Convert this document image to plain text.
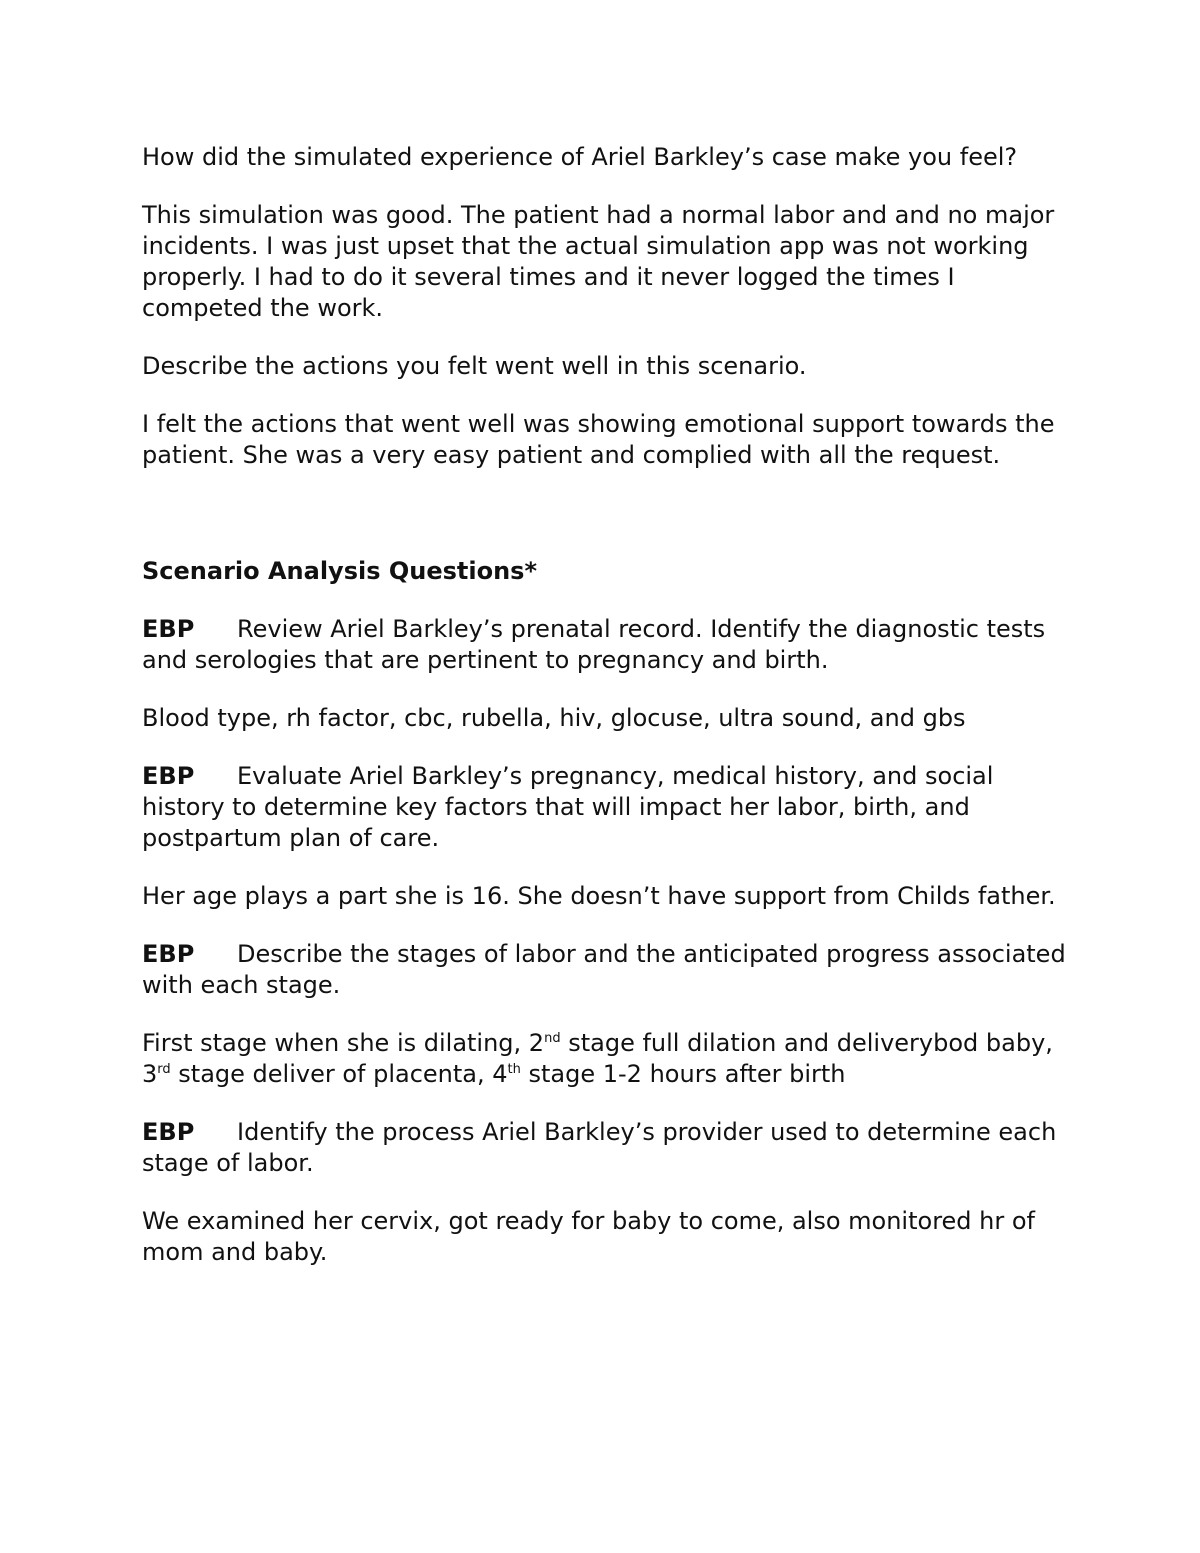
How did the simulated experience of Ariel Barkley’s case make you feel?

This simulation was good. The patient had a normal labor and and no major incidents. I was just upset that the actual simulation app was not working properly. I had to do it several times and it never logged the times I competed the work.

Describe the actions you felt went well in this scenario.

I felt the actions that went well was showing emotional support towards the patient. She was a very easy patient and complied with all the request.

Scenario Analysis Questions*

EBP Review Ariel Barkley’s prenatal record. Identify the diagnostic tests and serologies that are pertinent to pregnancy and birth.

Blood type, rh factor, cbc, rubella, hiv, glocuse, ultra sound, and gbs

EBP Evaluate Ariel Barkley’s pregnancy, medical history, and social history to determine key factors that will impact her labor, birth, and postpartum plan of care.

Her age plays a part she is 16. She doesn’t have support from Childs father.

EBP Describe the stages of labor and the anticipated progress associated with each stage.

First stage when she is dilating, 2nd stage full dilation and deliverybod baby, 3rd stage deliver of placenta, 4th stage 1-2 hours after birth

EBP Identify the process Ariel Barkley’s provider used to determine each stage of labor.

We examined her cervix, got ready for baby to come, also monitored hr of mom and baby.
